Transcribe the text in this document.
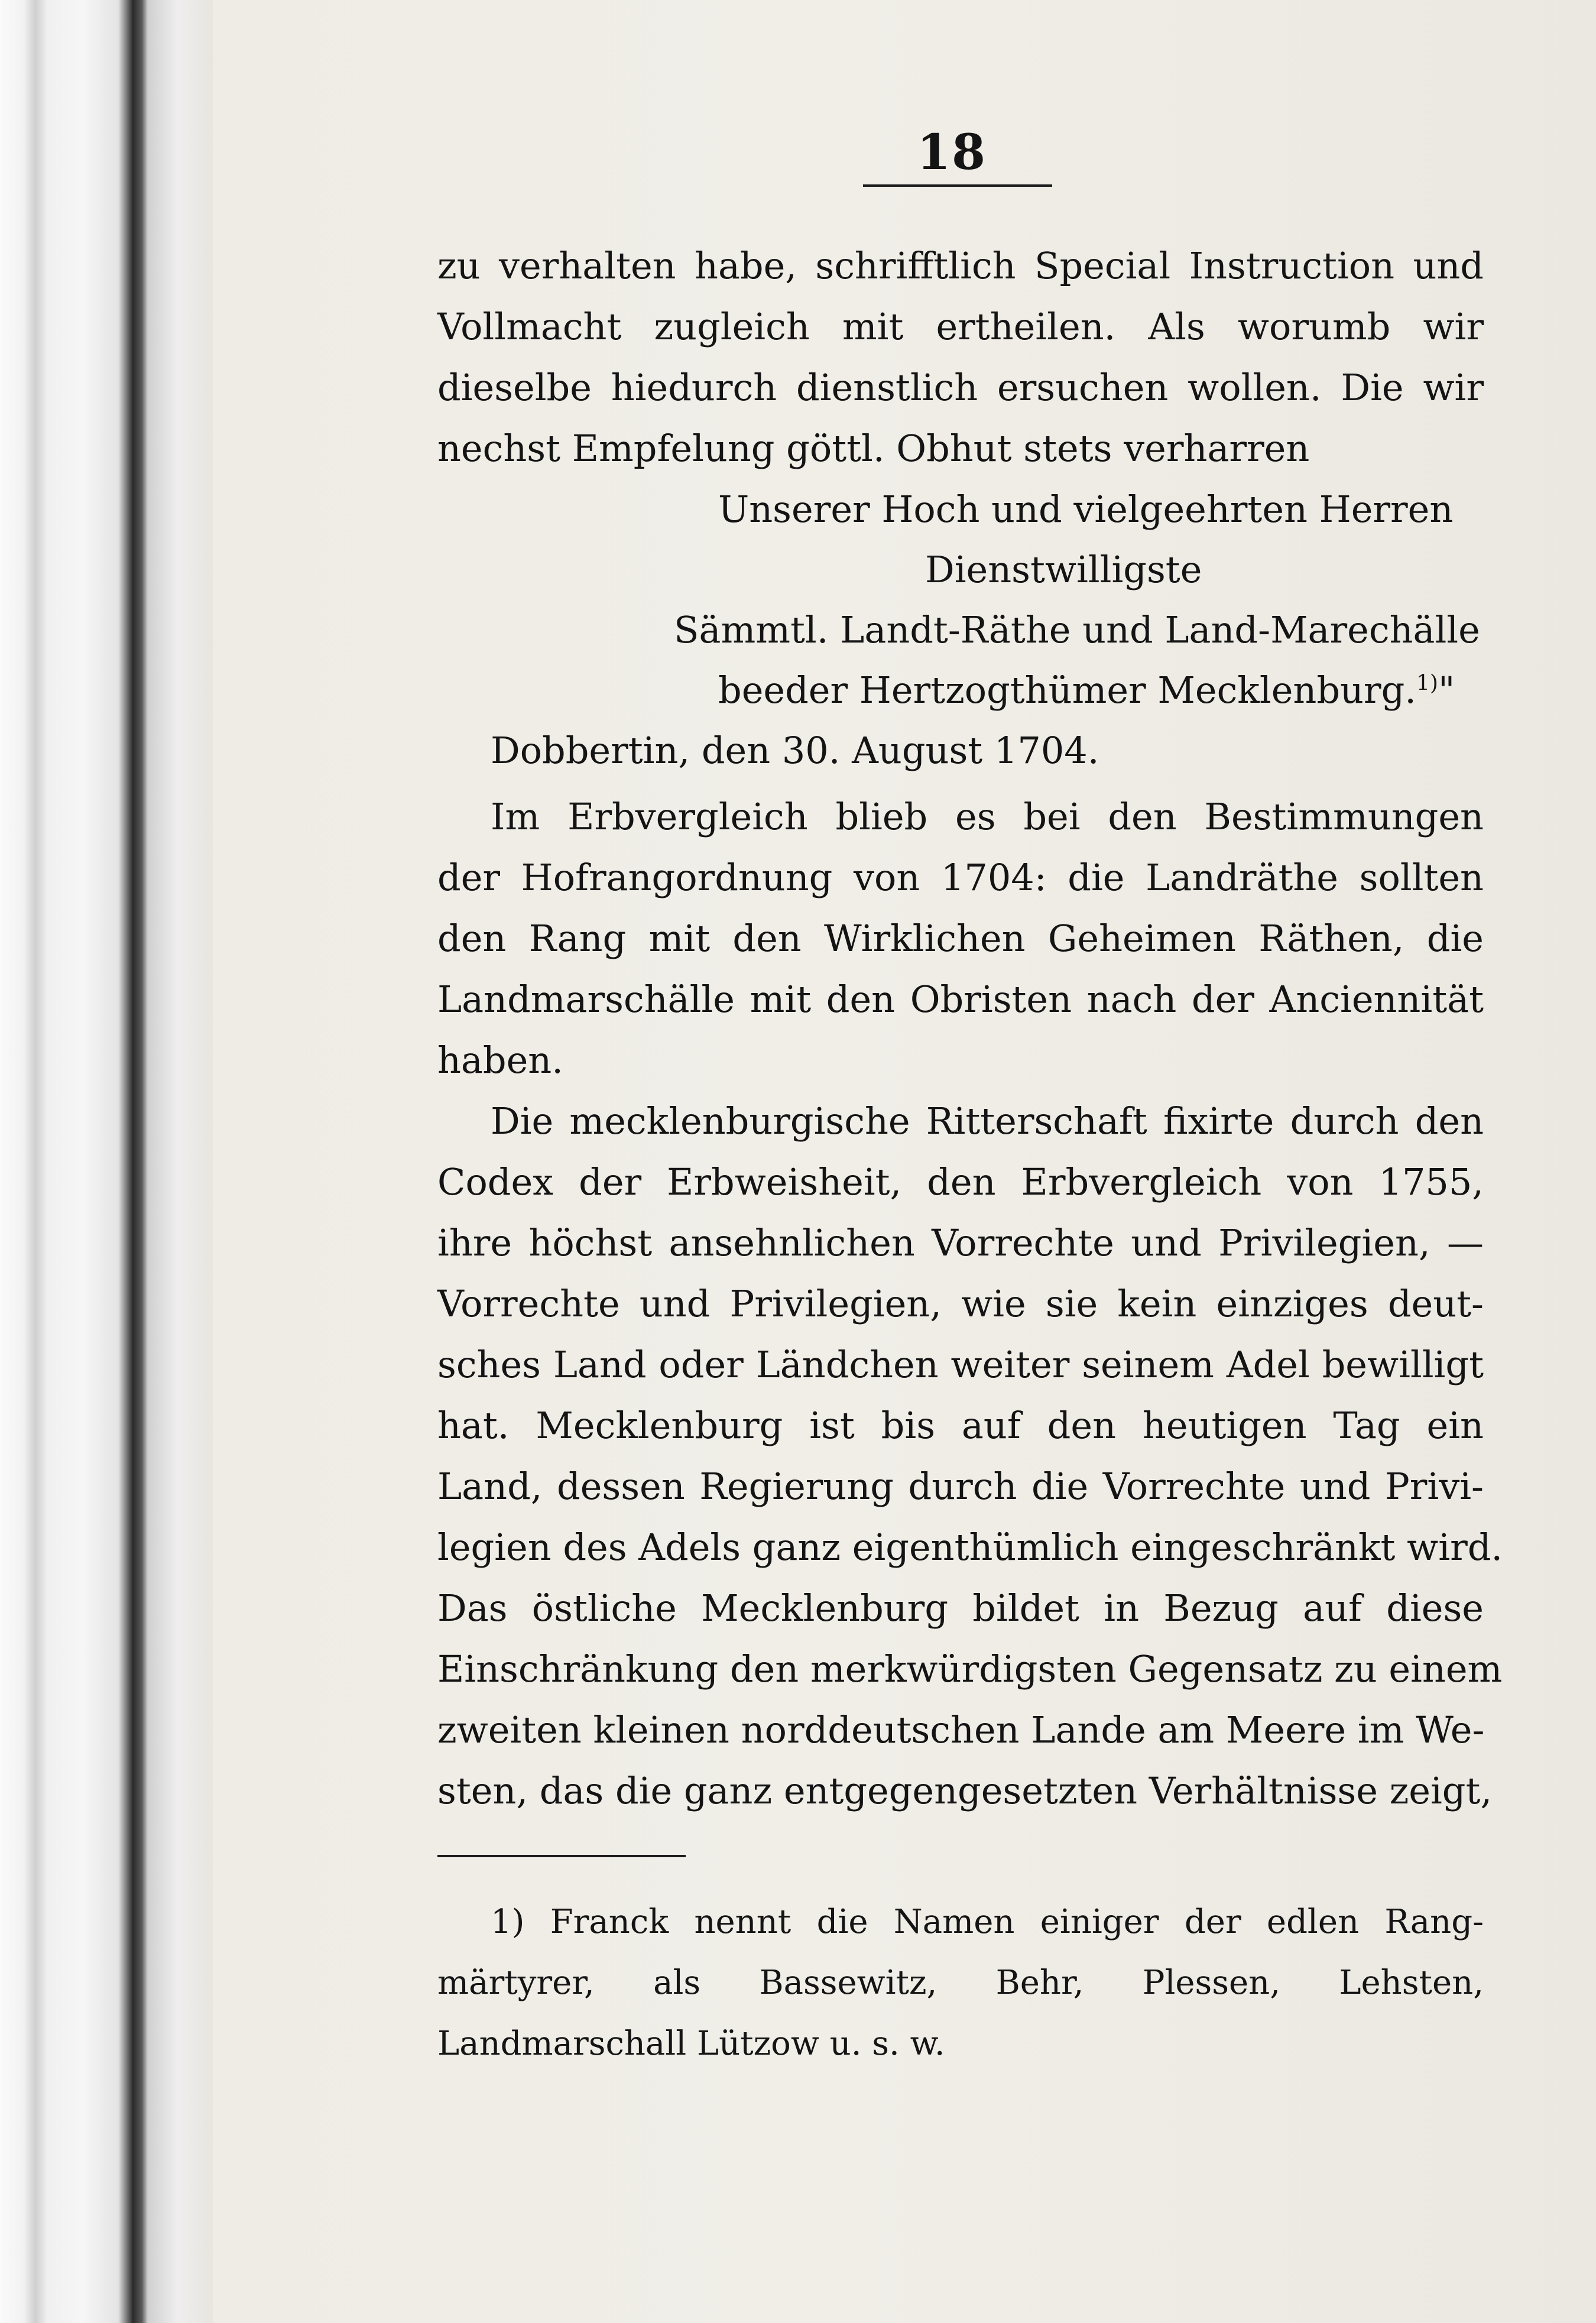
18
zu verhalten habe, schrifftlich Special Instruction und
Vollmacht zugleich mit ertheilen. Als worumb wir
dieselbe hiedurch dienstlich ersuchen wollen. Die wir
nechst Empfelung göttl. Obhut stets verharren
Unserer Hoch und vielgeehrten Herren
Dienstwilligste
Sämmtl. Landt-Räthe und Land-Marechälle
beeder Hertzogthümer Mecklenburg.$^{1)}$"
Dobbertin, den 30. August 1704.
Im Erbvergleich blieb es bei den Bestimmungen
der Hofrangordnung von 1704: die Landräthe sollten
den Rang mit den Wirklichen Geheimen Räthen, die
Landmarschälle mit den Obristen nach der Anciennität
haben.
Die mecklenburgische Ritterschaft fixirte durch den
Codex der Erbweisheit, den Erbvergleich von 1755,
ihre höchst ansehnlichen Vorrechte und Privilegien, —
Vorrechte und Privilegien, wie sie kein einziges deut-
sches Land oder Ländchen weiter seinem Adel bewilligt
hat. Mecklenburg ist bis auf den heutigen Tag ein
Land, dessen Regierung durch die Vorrechte und Privi-
legien des Adels ganz eigenthümlich eingeschränkt wird.
Das östliche Mecklenburg bildet in Bezug auf diese
Einschränkung den merkwürdigsten Gegensatz zu einem
zweiten kleinen norddeutschen Lande am Meere im We-
sten, das die ganz entgegengesetzten Verhältnisse zeigt,
1) Franck nennt die Namen einiger der edlen Rang-
märtyrer, als Bassewitz, Behr, Plessen, Lehsten,
Landmarschall Lützow u. s. w.
